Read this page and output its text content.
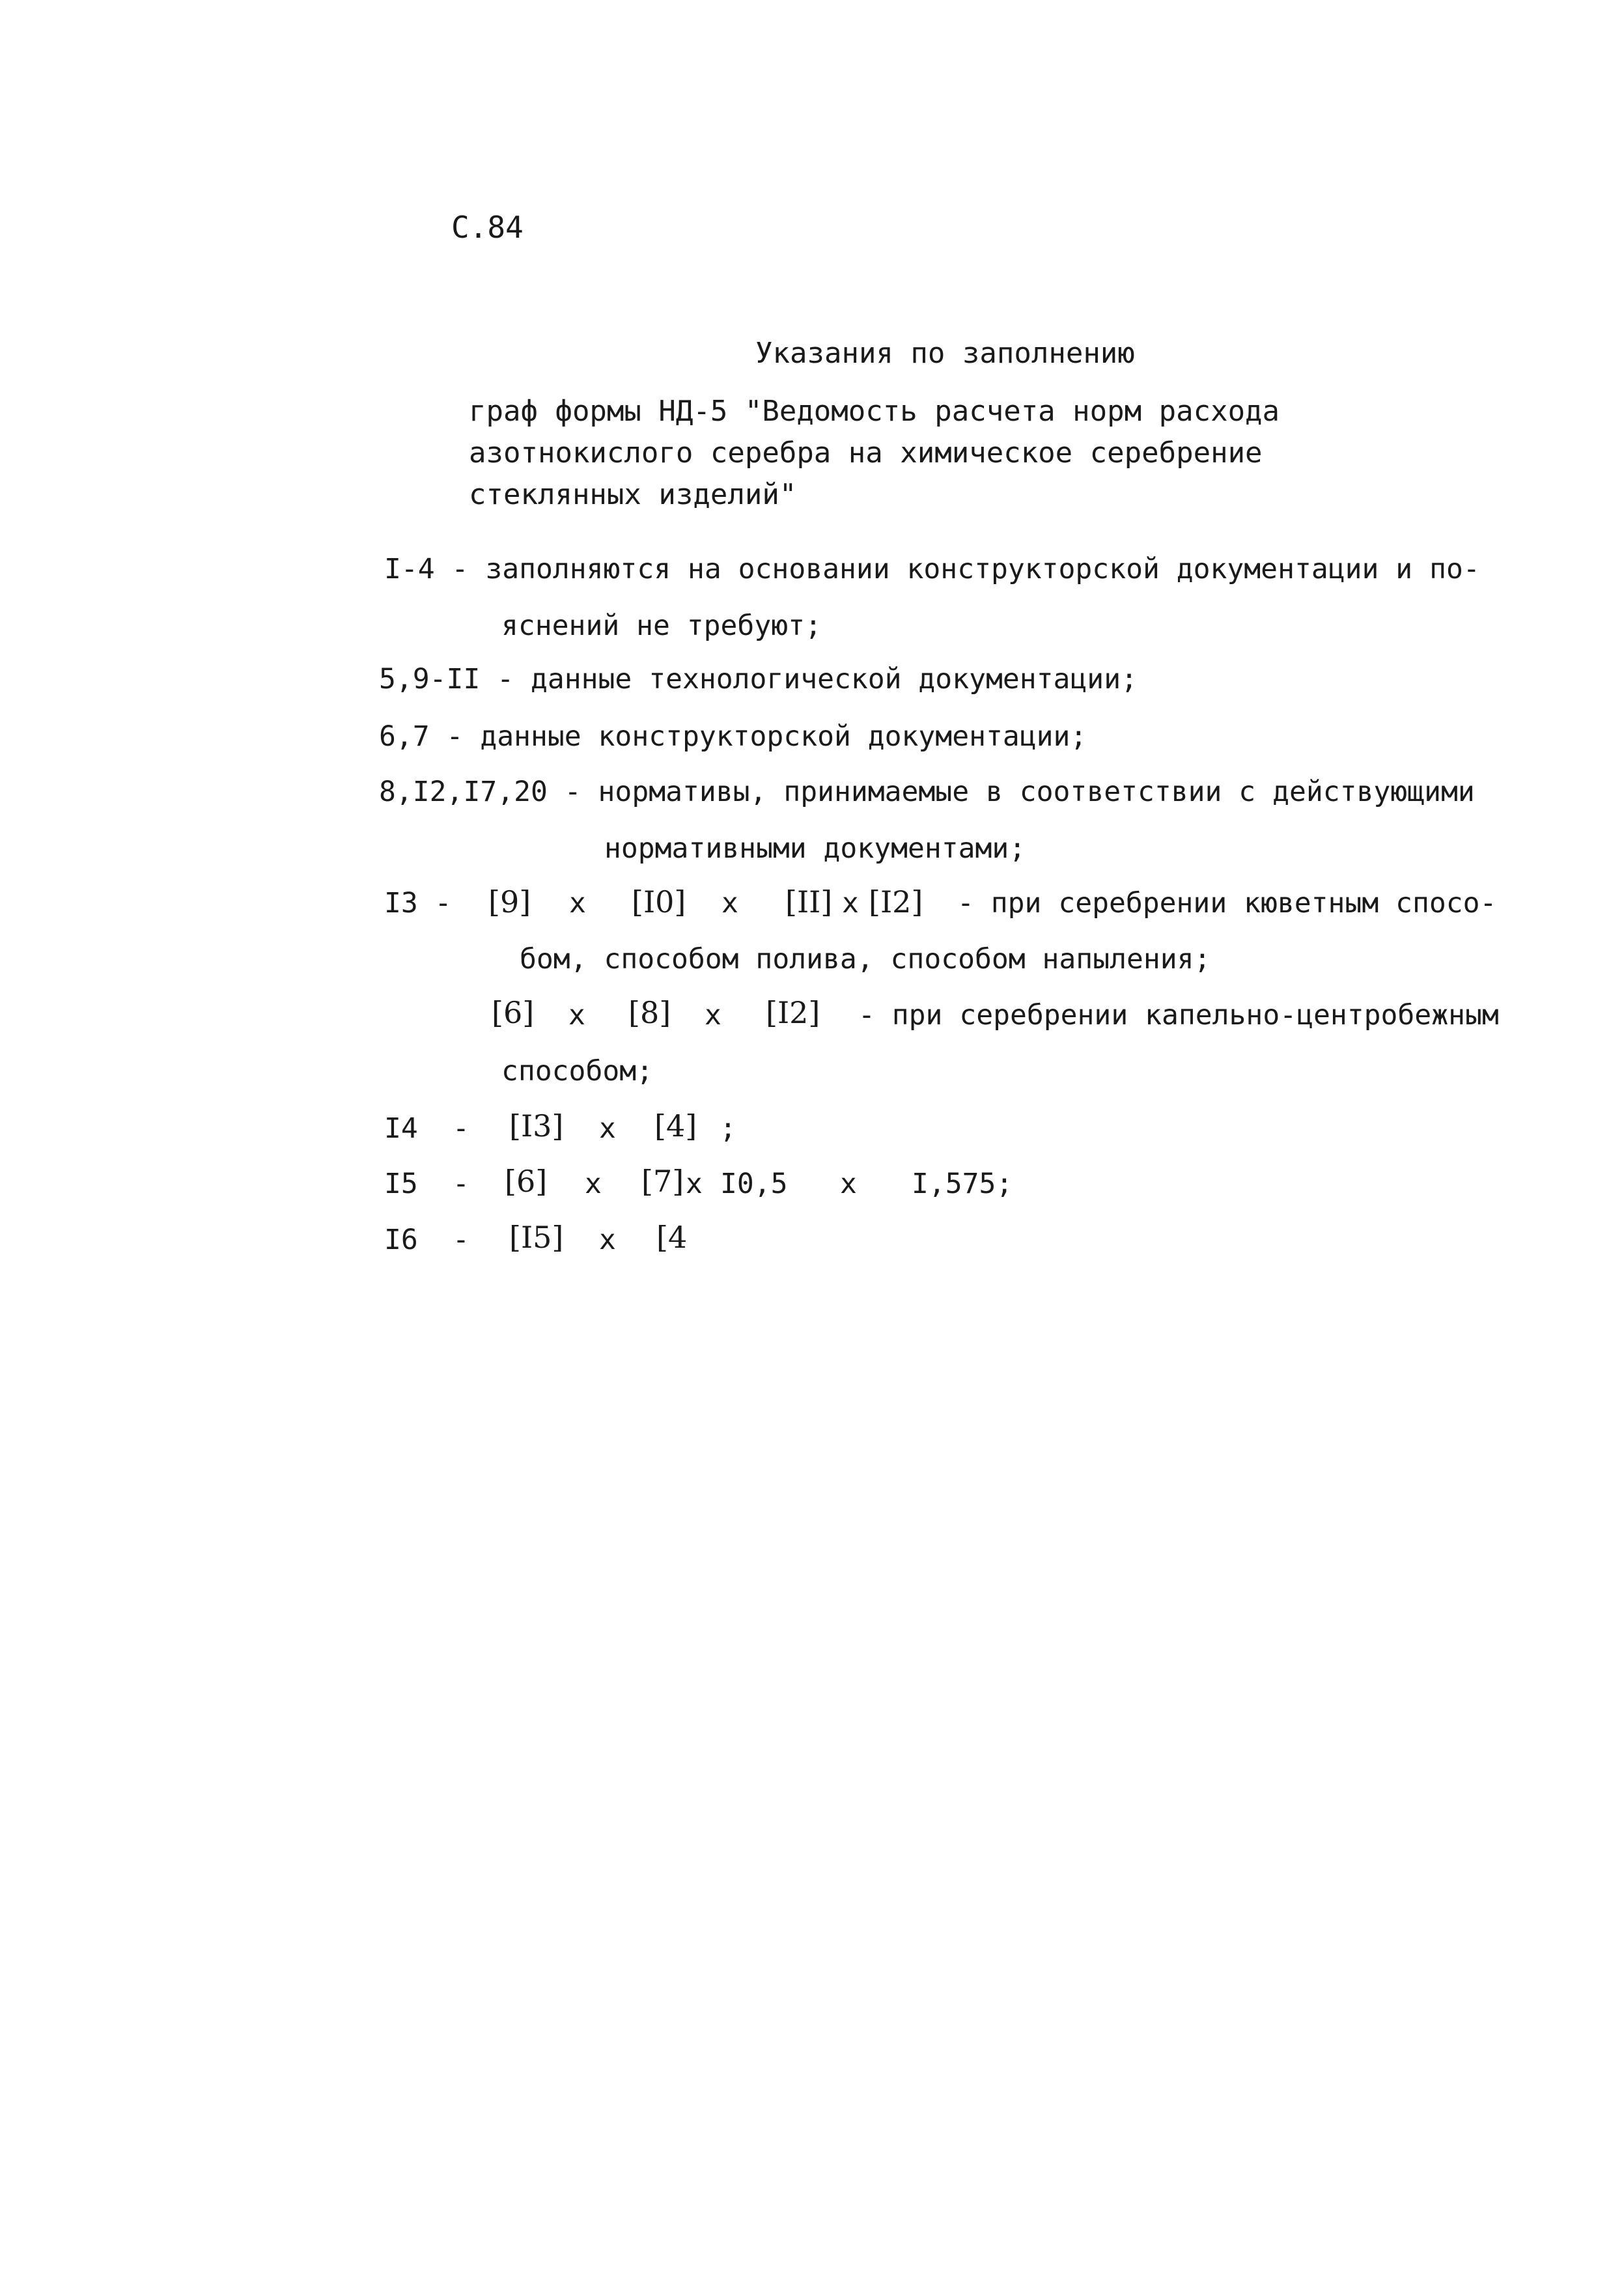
С.84
Указания по заполнению
граф формы НД-5 "Ведомость расчета норм расхода
азотнокислого серебра на химическое серебрение
стеклянных изделий"
I-4 - заполняются на основании конструкторской документации и по-
яснений не требуют;
5,9-II - данные технологической документации;
6,7 - данные конструкторской документации;
8,I2,I7,20 - нормативы, принимаемые в соответствии с действующими
нормативными документами;
I3 - [9] х [I0] х [II] х [I2] - при серебрении кюветным спосо-
бом, способом полива, способом напыления;
[6] х [8] х [I2] - при серебрении капельно-центробежным
способом;
I4 - [I3] х [4] ;
I5 - [6] х [7] х I0,5 х I,575;
I6 - [I5] х [4
